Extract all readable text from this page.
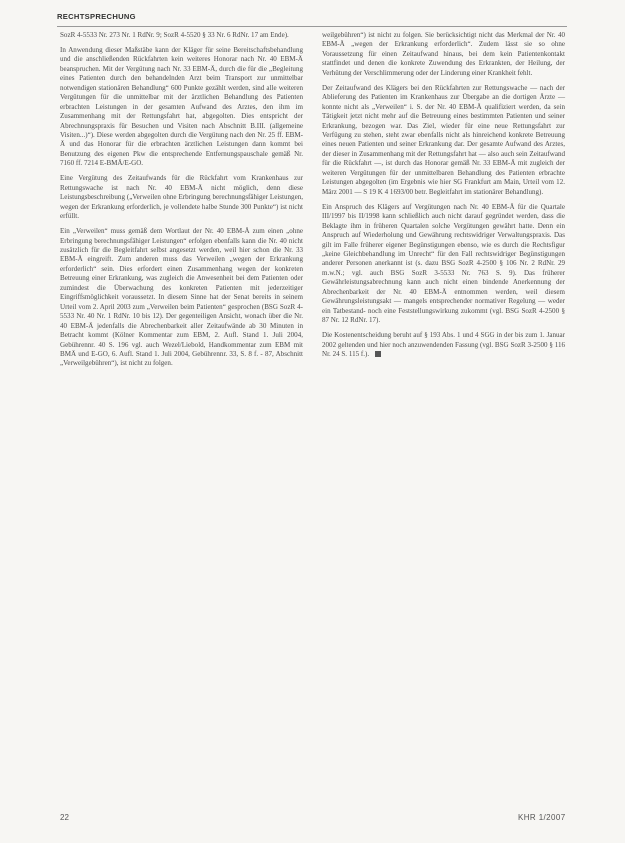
RECHTSPRECHUNG

SozR 4-5533 Nr. 273 Nr. 1 RdNr. 9; SozR 4-5520 § 33 Nr. 6 RdNr. 17 am Ende).

In Anwendung dieser Maßstäbe kann der Kläger für seine Bereitschaftsbehandlung und die anschließenden Rückfahrten kein weiteres Honorar nach Nr. 40 EBM-Ä beanspruchen. Mit der Vergütung nach Nr. 33 EBM-Ä, durch die für die „Begleitung eines Patienten durch den behandelnden Arzt beim Transport zur unmittelbar notwendigen stationären Behandlung“ 600 Punkte gezählt werden, sind alle weiteren Vergütungen für die unmittelbar mit der ärztlichen Behandlung des Patienten erbrachten Leistungen in der gesamten Aufwand des Arztes, den ihm im Zusammenhang mit der Rettungsfahrt hat, abgegolten. Dies entspricht der Abrechnungspraxis für Besuchen und Visiten nach Abschnitt B.III. (allgemeine Visiten...)“). Diese werden abgegolten durch die Vergütung nach den Nr. 25 ff. EBM-Ä und das Honorar für die erbrachten ärztlichen Leistungen dann kommt bei Benutzung des eigenen Pkw die entsprechende Entfernungspauschale gemäß Nr. 7160 ff. 7214 E-BMÄ/E-GO.

Eine Vergütung des Zeitaufwands für die Rückfahrt vom Krankenhaus zur Rettungswache ist nach Nr. 40 EBM-Ä nicht möglich, denn diese Leistungsbeschreibung („Verweilen ohne Erbringung berechnungsfähiger Leistungen, wegen der Erkrankung erforderlich, je vollendete halbe Stunde 300 Punkte“) ist nicht erfüllt.

Ein „Verweilen“ muss gemäß dem Wortlaut der Nr. 40 EBM-Ä zum einen „ohne Erbringung berechnungsfähiger Leistungen“ erfolgen ebenfalls kann die Nr. 40 nicht zusätzlich für die Begleitfahrt selbst angesetzt werden, weil hier schon die Nr. 33 EBM-Ä eingreift. Zum anderen muss das Verweilen „wegen der Erkrankung erforderlich“ sein. Dies erfordert einen Zusammenhang wegen der konkreten Betreuung einer Erkrankung, was zugleich die Anwesenheit bei dem Patienten oder zumindest die Überwachung des konkreten Patienten mit jederzeitiger Eingriffsmöglichkeit voraussetzt. In diesem Sinne hat der Senat bereits in seinem Urteil vom 2. April 2003 zum „Verweilen beim Patienten“ gesprochen (BSG SozR 4-5533 Nr. 40 Nr. 1 RdNr. 10 bis 12). Der gegenteiligen Ansicht, wonach über die Nr. 40 EBM-Ä jedenfalls die Abrechenbarkeit aller Zeitaufwände ab 30 Minuten in Betracht kommt (Kölner Kommentar zum EBM, 2. Aufl. Stand 1. Juli 2004, Gebührennr. 40 S. 196 vgl. auch Wezel/Liebold, Handkommentar zum EBM mit BMÄ und E-GO, 6. Aufl. Stand 1. Juli 2004, Gebührennr. 33, S. 8 f. - 87, Abschnitt „Verweilgebühren“), ist nicht zu folgen.

weilgebühren“) ist nicht zu folgen. Sie berücksichtigt nicht das Merkmal der Nr. 40 EBM-Ä „wegen der Erkrankung erforderlich“. Zudem lässt sie so ohne Voraussetzung für einen Zeitaufwand hinaus, bei dem kein Patientenkontakt stattfindet und denen die konkrete Zuwendung des Erkrankten, der Heilung, der Verhütung der Verschlimmerung oder der Linderung einer Krankheit fehlt.

Der Zeitaufwand des Klägers bei den Rückfahrten zur Rettungswache — nach der Ablieferung des Patienten im Krankenhaus zur Übergabe an die dortigen Ärzte — konnte nicht als „Verweilen“ i. S. der Nr. 40 EBM-Ä qualifiziert werden, da sein Tätigkeit jetzt nicht mehr auf die Betreuung eines bestimmten Patienten und seiner Erkrankung, bezogen war. Das Ziel, wieder für eine neue Rettungsfahrt zur Verfügung zu stehen, steht zwar ebenfalls nicht als hinreichend konkrete Betreuung eines neuen Patienten und seiner Erkrankung dar. Der gesamte Aufwand des Arztes, der dieser in Zusammenhang mit der Rettungsfahrt hat — also auch sein Zeitaufwand für die Rückfahrt —, ist durch das Honorar gemäß Nr. 33 EBM-Ä mit zugleich der weiteren Vergütungen für der unmittelbaren Behandlung des Patienten erbrachte Leistungen abgegolten (im Ergebnis wie hier SG Frankfurt am Main, Urteil vom 12. März 2001 — S 19 K 4 1693/00 betr. Begleitfahrt im stationärer Behandlung).

Ein Anspruch des Klägers auf Vergütungen nach Nr. 40 EBM-Ä für die Quartale III/1997 bis II/1998 kann schließlich auch nicht darauf gegründet werden, dass die Beklagte ihm in früheren Quartalen solche Vergütungen gewährt hatte. Denn ein Anspruch auf Wiederholung und Gewährung rechtswidriger Verwaltungspraxis. Das gilt im Falle früherer eigener Begünstigungen ebenso, wie es durch die Rechtsfigur „keine Gleichbehandlung im Unrecht“ für den Fall rechtswidriger Begünstigungen anderer Personen anerkannt ist (s. dazu BSG SozR 4-2500 § 106 Nr. 2 RdNr. 29 m.w.N.; vgl. auch BSG SozR 3-5533 Nr. 763 S. 9). Das früherer Gewährleistungsabrechnung kann auch nicht einen bindende Anerkennung der Abrechenbarkeit der Nr. 40 EBM-Ä entnommen werden, weil diesem Gewährungsleistungsakt — mangels entsprechender normativer Regelung — weder ein Tatbestand- noch eine Feststellungswirkung zukommt (vgl. BSG SozR 4-2500 § 87 Nr. 12 RdNr. 17).

Die Kostenentscheidung beruht auf § 193 Abs. 1 und 4 SGG in der bis zum 1. Januar 2002 geltenden und hier noch anzuwendenden Fassung (vgl. BSG SozR 3-2500 § 116 Nr. 24 S. 115 f.).

22	KHR 1/2007
